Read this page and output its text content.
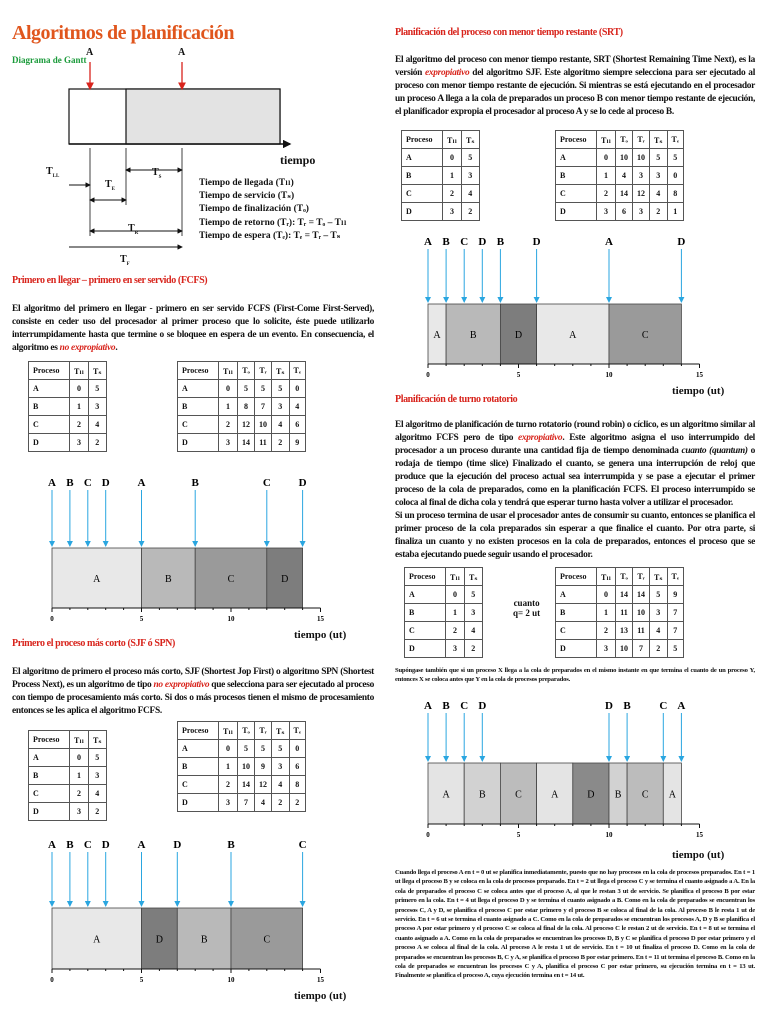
Algoritmos de planificación
Diagrama de Gantt
A	A
tiempo
$T_{LL}$
$T_E$
$T_S$
$T_R$
$T_F$
Tiempo de llegada (Tₗₗ)
Tiempo de servicio (Tₛ)
Tiempo de finalización (Tₒ)
Tiempo de retorno (Tᵣ): Tᵣ = Tₒ – Tₗₗ
Tiempo de espera (Tₑ): Tₑ = Tᵣ – Tₛ
Primero en llegar – primero en ser servido (FCFS)
El algoritmo del primero en llegar - primero en ser servido FCFS (First-Come First-Served), consiste en ceder uso del procesador al primer proceso que lo solicite, éste puede utilizarlo interrumpidamente hasta que termine o se bloquee en espera de un evento. En consecuencia, el algoritmo es no expropiativo.
Proceso	Tₗₗ	Tₛ
A	0	5
B	1	3
C	2	4
D	3	2
Proceso	Tₗₗ	Tₒ	Tᵣ	Tₛ	Tₑ
A	0	5	5	5	0
B	1	8	7	3	4
C	2	12	10	4	6
D	3	14	11	2	9
A B C D	A	B	C	D
A	B	C	D
0	5	10	15
tiempo (ut)
Primero el proceso más corto (SJF ó SPN)
El algoritmo de primero el proceso más corto, SJF (Shortest Jop First) o algoritmo SPN (Shortest Process Next), es un algoritmo de tipo no expropiativo que selecciona para ser ejecutado al proceso con tiempo de procesamiento más corto. Si dos o más procesos tienen el mismo de procesamiento entonces se les aplica el algoritmo FCFS.
Proceso	Tₗₗ	Tₛ
A	0	5
B	1	3
C	2	4
D	3	2
Proceso	Tₗₗ	Tₒ	Tᵣ	Tₛ	Tₑ
A	0	5	5	5	0
B	1	10	9	3	6
C	2	14	12	4	8
D	3	7	4	2	2
A B C D	A	D	B	C
A	D	B	C
0	5	10	15
tiempo (ut)
Planificación del proceso con menor tiempo restante (SRT)
El algoritmo del proceso con menor tiempo restante, SRT (Shortest Remaining Time Next), es la versión expropiativo del algoritmo SJF. Este algoritmo siempre selecciona para ser ejecutado al proceso con menor tiempo restante de ejecución. Si mientras se está ejecutando en el procesador un proceso A llega a la cola de preparados un proceso B con menor tiempo restante de ejecución, el planificador expropia el procesador al proceso A y se lo cede al proceso B.
Proceso	Tₗₗ	Tₛ
A	0	5
B	1	3
C	2	4
D	3	2
Proceso	Tₗₗ	Tₒ	Tᵣ	Tₛ	Tₑ
A	0	10	10	5	5
B	1	4	3	3	0
C	2	14	12	4	8
D	3	6	3	2	1
A B C D B	D	A	D
A	B	D	A	C
0	5	10	15
tiempo (ut)
Planificación de turno rotatorio
El algoritmo de planificación de turno rotatorio (round robin) o cíclico, es un algoritmo similar al algoritmo FCFS pero de tipo expropiativo. Este algoritmo asigna el uso interrumpido del procesador a un proceso durante una cantidad fija de tiempo denominada cuanto (quantum) o rodaja de tiempo (time slice) Finalizado el cuanto, se genera una interrupción de reloj que produce que la ejecución del proceso actual sea interrumpida y se pase a ejecutar el primer proceso de la cola de preparados, como en la planificación FCFS. El proceso interrumpido se coloca al final de dicha cola y tendrá que esperar turno hasta volver a utilizar el procesador.
Si un proceso termina de usar el procesador antes de consumir su cuanto, entonces se planifica el primer proceso de la cola preparados sin esperar a que finalice el cuanto. Por otra parte, si finaliza un cuanto y no existen procesos en la cola de preparados, entonces el proceso que se estaba ejecutando puede seguir usando el procesador.
Proceso	Tₗₗ	Tₛ
A	0	5
B	1	3
C	2	4
D	3	2
cuanto
q= 2 ut
Proceso	Tₗₗ	Tₒ	Tᵣ	Tₛ	Tₑ
A	0	14	14	5	9
B	1	11	10	3	7
C	2	13	11	4	7
D	3	10	7	2	5
Supóngase también que si un proceso X llega a la cola de preparados en el mismo instante en que termina el cuanto de un proceso Y, entonces X se coloca antes que Y en la cola de procesos preparados.
A B C D	D B	C A
A	B	C	A	D B C A
0	5	10	15
tiempo (ut)
Cuando llega el proceso A en t = 0 ut se planifica inmediatamente, puesto que no hay procesos en la cola de procesos preparados. En t = 1 ut llega el proceso B y se coloca en la cola de procesos preparado. En t = 2 ut llega el proceso C y se termina el cuanto asignado a A. En la cola de preparados el proceso C se coloca antes que el proceso A, al que le restan 3 ut de servicio. Se planifica el proceso B por estar primero en la cola. En t = 4 ut llega el proceso D y se termina el cuanto asignado a B. Como en la cola de preparados se encuentran los procesos C, A y D, se planifica el proceso C por estar primero y el proceso B se coloca al final de la cola. Al proceso B le resta 1 ut de servicio. En t = 6 ut se termina el cuanto asignado a C. Como en la cola de preparados se encuentran los procesos A, D y B se planifica el proceso A por estar primero y el proceso C se coloca al final de la cola. Al proceso C le restan 2 ut de servicio. En t = 8 ut se termina el cuanto asignado a A. Como en la cola de preparados se encuentran los procesos D, B y C se planifica el proceso D por estar primero y el proceso A se coloca al final de la cola. Al proceso A le resta 1 ut de servicio. En t = 10 ut finaliza el proceso D. Como en la cola de preparados se encuentran los procesos B, C y A, se planifica el proceso B por estar primero. En t = 11 ut termina el proceso B. Como en la cola de preparados se encuentran los procesos C y A, planifica el proceso C por estar primero, su ejecución termina en t = 13 ut. Finalmente se planifica el proceso A, cuya ejecución termina en t = 14 ut.
